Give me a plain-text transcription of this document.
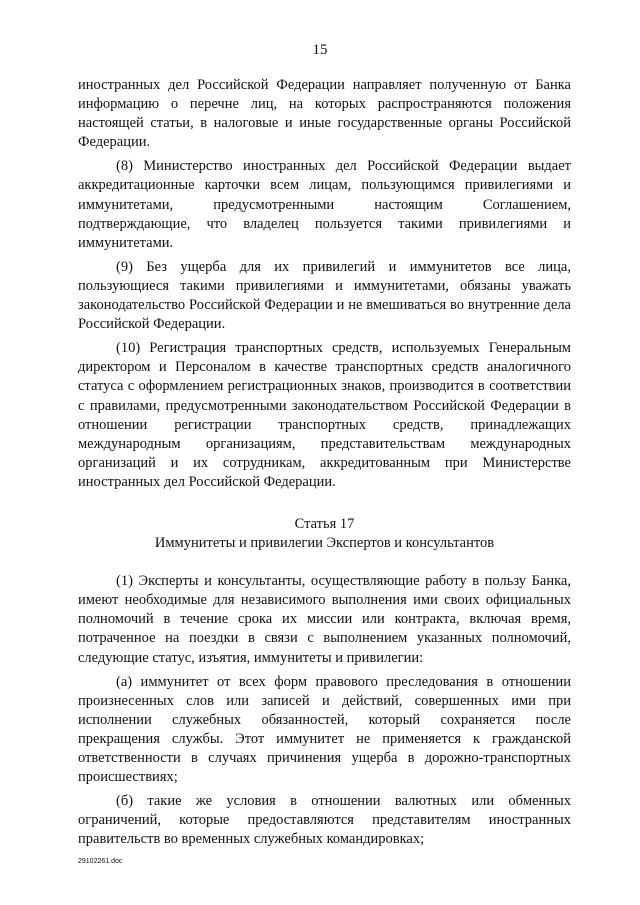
15

иностранных дел Российской Федерации направляет полученную от Банка информацию о перечне лиц, на которых распространяются положения настоящей статьи, в налоговые и иные государственные органы Российской Федерации.

(8) Министерство иностранных дел Российской Федерации выдает аккредитационные карточки всем лицам, пользующимся привилегиями и иммунитетами, предусмотренными настоящим Соглашением, подтверждающие, что владелец пользуется такими привилегиями и иммунитетами.

(9) Без ущерба для их привилегий и иммунитетов все лица, пользующиеся такими привилегиями и иммунитетами, обязаны уважать законодательство Российской Федерации и не вмешиваться во внутренние дела Российской Федерации.

(10) Регистрация транспортных средств, используемых Генеральным директором и Персоналом в качестве транспортных средств аналогичного статуса с оформлением регистрационных знаков, производится в соответствии с правилами, предусмотренными законодательством Российской Федерации в отношении регистрации транспортных средств, принадлежащих международным организациям, представительствам международных организаций и их сотрудникам, аккредитованным при Министерстве иностранных дел Российской Федерации.

Статья 17

Иммунитеты и привилегии Экспертов и консультантов

(1) Эксперты и консультанты, осуществляющие работу в пользу Банка, имеют необходимые для независимого выполнения ими своих официальных полномочий в течение срока их миссии или контракта, включая время, потраченное на поездки в связи с выполнением указанных полномочий, следующие статус, изъятия, иммунитеты и привилегии:

(а) иммунитет от всех форм правового преследования в отношении произнесенных слов или записей и действий, совершенных ими при исполнении служебных обязанностей, который сохраняется после прекращения службы. Этот иммунитет не применяется к гражданской ответственности в случаях причинения ущерба в дорожно-транспортных происшествиях;

(б) такие же условия в отношении валютных или обменных ограничений, которые предоставляются представителям иностранных правительств во временных служебных командировках;

29102261.doc
